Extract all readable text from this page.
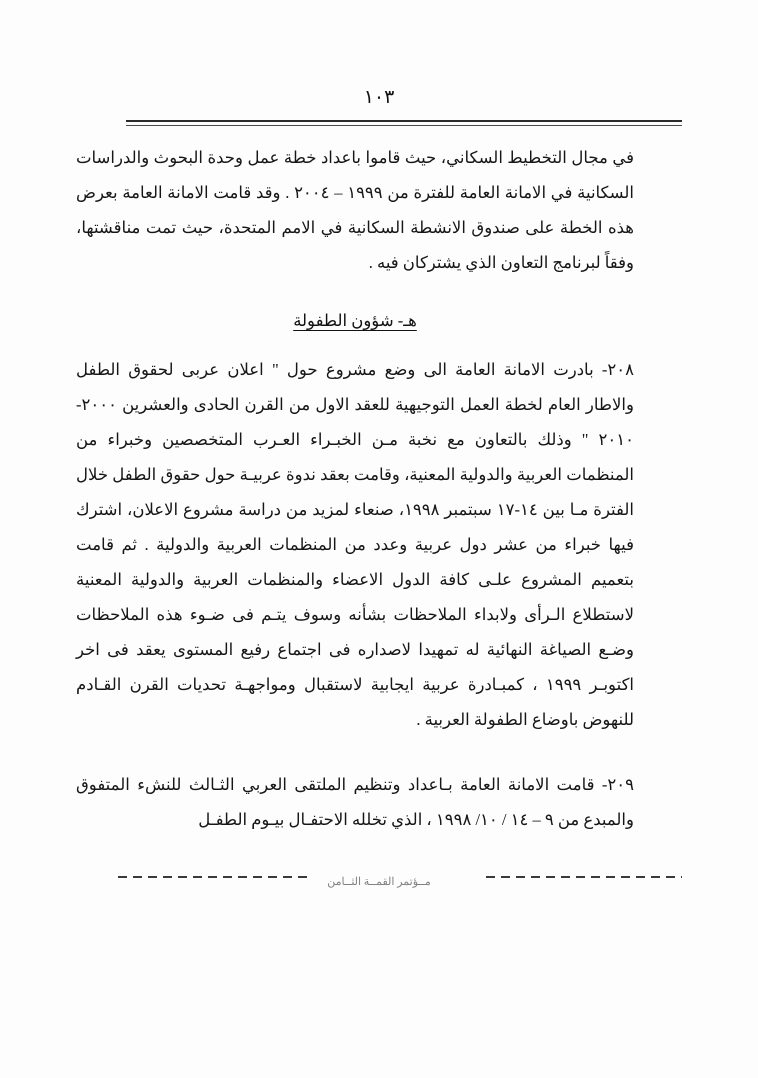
١٠٣

في مجال التخطيط السكاني، حيث قاموا باعداد خطة عمل وحدة البحوث والدراسات السكانية في الامانة العامة للفترة من ١٩٩٩ – ٢٠٠٤ . وقد قامت الامانة العامة بعرض هذه الخطة على صندوق الانشطة السكانية في الامم المتحدة، حيث تمت مناقشتها، وفقاً لبرنامج التعاون الذي يشتركان فيه .

هـ- شؤون الطفولة

٢٠٨- بادرت الامانة العامة الى وضع مشروع حول " اعلان عربى لحقوق الطفل والاطار العام لخطة العمل التوجيهية للعقد الاول من القرن الحادى والعشرين ٢٠٠٠- ٢٠١٠ " وذلك بالتعاون مع نخبة مـن الخبـراء العـرب المتخصصين وخبراء من المنظمات العربية والدولية المعنية، وقامت بعقد ندوة عربيـة حول حقوق الطفل خلال الفترة مـا بين ١٤-١٧ سبتمبر ١٩٩٨، صنعاء لمزيد من دراسة مشروع الاعلان، اشترك فيها خبراء من عشر دول عربية وعدد من المنظمات العربية والدولية . ثم قامت بتعميم المشروع علـى كافة الدول الاعضاء والمنظمات العربية والدولية المعنية لاستطلاع الـرأى ولابداء الملاحظات بشأنه وسوف يتـم فى ضـوء هذه الملاحظات وضـع الصياغة النهائية له تمهيدا لاصداره فى اجتماع رفيع المستوى يعقد فى اخر اكتوبـر ١٩٩٩ ، كمبـادرة عربية ايجابية لاستقبال ومواجهـة تحديات القرن القـادم للنهوض باوضاع الطفولة العربية .

٢٠٩- قامت الامانة العامة بـاعداد وتنظيم الملتقى العربي الثـالث للنشء المتفوق والمبدع من ٩ – ١٤ / ١٠/ ١٩٩٨ ، الذي تخلله الاحتفـال بيـوم الطفـل

مــؤتمر القمــة الثــامن
